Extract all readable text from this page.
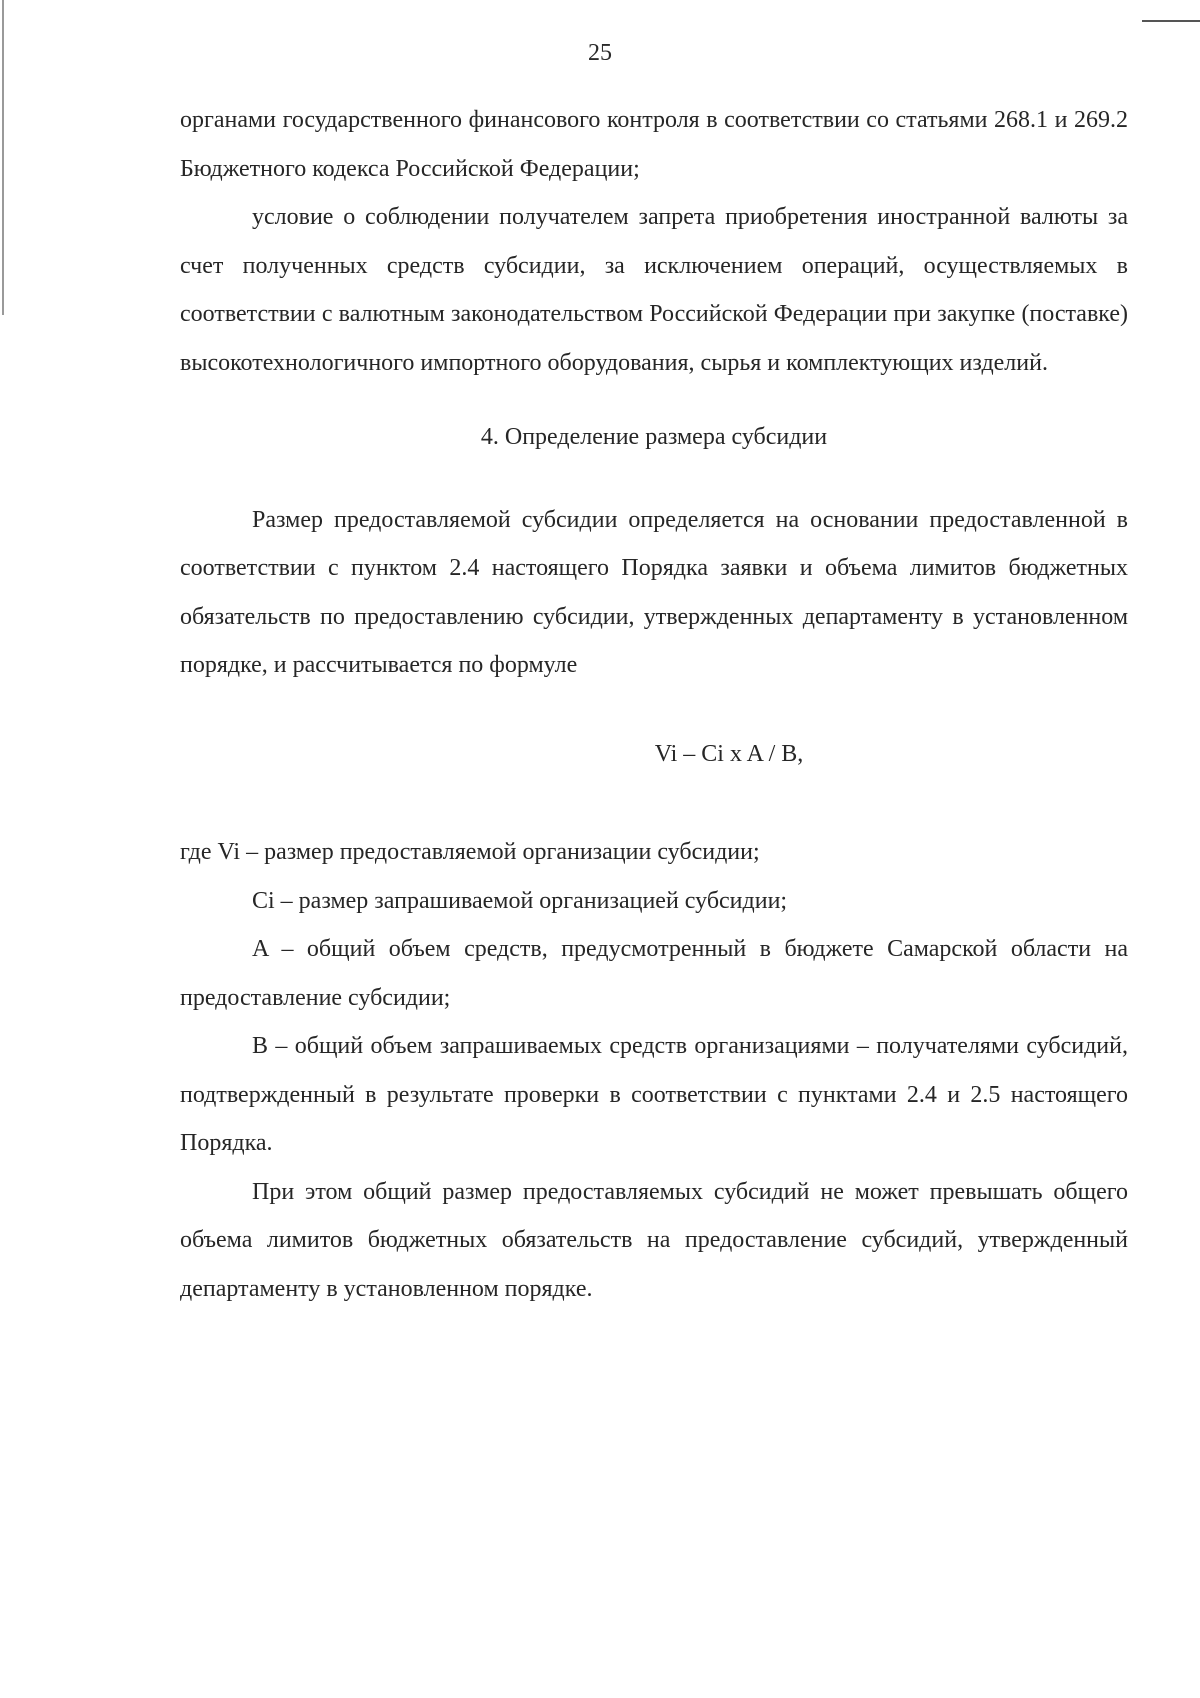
25

органами государственного финансового контроля в соответствии со статьями 268.1 и 269.2 Бюджетного кодекса Российской Федерации;

условие о соблюдении получателем запрета приобретения иностранной валюты за счет полученных средств субсидии, за исключением операций, осуществляемых в соответствии с валютным законодательством Российской Федерации при закупке (поставке) высокотехнологичного импортного оборудования, сырья и комплектующих изделий.

4. Определение размера субсидии

Размер предоставляемой субсидии определяется на основании предоставленной в соответствии с пунктом 2.4 настоящего Порядка заявки и объема лимитов бюджетных обязательств по предоставлению субсидии, утвержденных департаменту в установленном порядке, и рассчитывается по формуле

Vi – Ci x A / B,

где Vi – размер предоставляемой организации субсидии;

Ci – размер запрашиваемой организацией субсидии;

A – общий объем средств, предусмотренный в бюджете Самарской области на предоставление субсидии;

B – общий объем запрашиваемых средств организациями – получателями субсидий, подтвержденный в результате проверки в соответствии с пунктами 2.4 и 2.5 настоящего Порядка.

При этом общий размер предоставляемых субсидий не может превышать общего объема лимитов бюджетных обязательств на предоставление субсидий, утвержденный департаменту в установленном порядке.
